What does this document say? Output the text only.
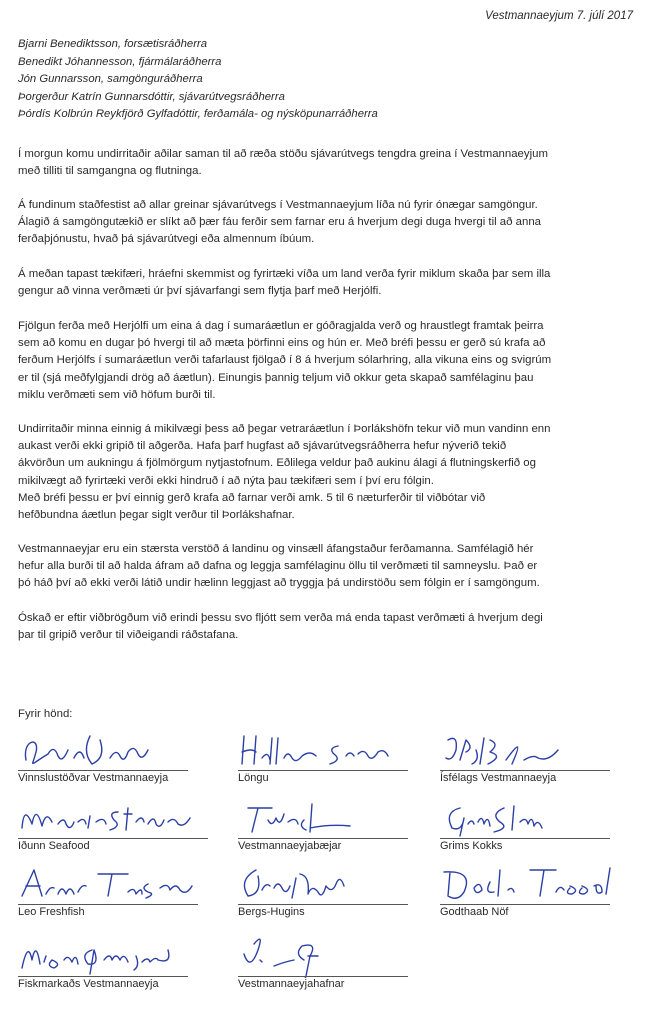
Vestmannaeyjum 7. júlí 2017
Bjarni Benediktsson, forsætisráðherra
Benedikt Jóhannesson, fjármálaráðherra
Jón Gunnarsson, samgönguráðherra
Þorgerður Katrín Gunnarsdóttir, sjávarútvegsráðherra
Þórdís Kolbrún Reykfjörð Gylfadóttir, ferðamála- og nýsköpunarráðherra
Í morgun komu undirritaðir aðilar saman til að ræða stöðu sjávarútvegs tengdra greina í Vestmannaeyjum
með tilliti til samgangna og flutninga.
Á fundinum staðfestist að allar greinar sjávarútvegs í Vestmannaeyjum líða nú fyrir ónægar samgöngur.
Álagið á samgöngutækið er slíkt að þær fáu ferðir sem farnar eru á hverjum degi duga hvergi til að anna
ferðaþjónustu, hvað þá sjávarútvegi eða almennum íbúum.
Á meðan tapast tækifæri, hráefni skemmist og fyrirtæki víða um land verða fyrir miklum skaða þar sem illa
gengur að vinna verðmæti úr því sjávarfangi sem flytja þarf með Herjólfi.
Fjölgun ferða með Herjólfi um eina á dag í sumaráætlun er góðragjalda verð og hraustlegt framtak þeirra
sem að komu en dugar þó hvergi til að mæta þörfinni eins og hún er. Með bréfi þessu er gerð sú krafa að
ferðum Herjólfs í sumaráætlun verði tafarlaust fjölgað í 8 á hverjum sólarhring, alla vikuna eins og svigrúm
er til (sjá meðfylgjandi drög að áætlun). Einungis þannig teljum við okkur geta skapað samfélaginu þau
miklu verðmæti sem við höfum burði til.
Undirritaðir minna einnig á mikilvægi þess að þegar vetraráætlun í Þorlákshöfn tekur við mun vandinn enn
aukast verði ekki gripið til aðgerða. Hafa þarf hugfast að sjávarútvegsráðherra hefur nýverið tekið
ákvörðun um aukningu á fjölmörgum nytjastofnum. Eðlilega veldur það aukinu álagi á flutningskerfið og
mikilvægt að fyrirtæki verði ekki hindruð í að nýta þau tækifæri sem í því eru fólgin.
Með bréfi þessu er því einnig gerð krafa að farnar verði amk. 5 til 6 næturferðir til viðbótar við
hefðbundna áætlun þegar siglt verður til Þorlákshafnar.
Vestmannaeyjar eru ein stærsta verstöð á landinu og vinsæll áfangstaður ferðamanna. Samfélagið hér
hefur alla burði til að halda áfram að dafna og leggja samfélaginu öllu til verðmæti til samneyslu. Það er
þó háð því að ekki verði látið undir hælinn leggjast að tryggja þá undirstöðu sem fólgin er í samgöngum.
Óskað er eftir viðbrögðum við erindi þessu svo fljótt sem verða má enda tapast verðmæti á hverjum degi
þar til gripið verður til viðeigandi ráðstafana.
Fyrir hönd:
Vinnslustöðvar Vestmannaeyja	Löngu	Ísfélags Vestmannaeyja
Iðunn Seafood	Vestmannaeyjabæjar	Grims Kokks
Leo Freshfish	Bergs-Hugins	Godthaab Nöf
Fiskmarkaðs Vestmannaeyja	Vestmannaeyjahafnar
